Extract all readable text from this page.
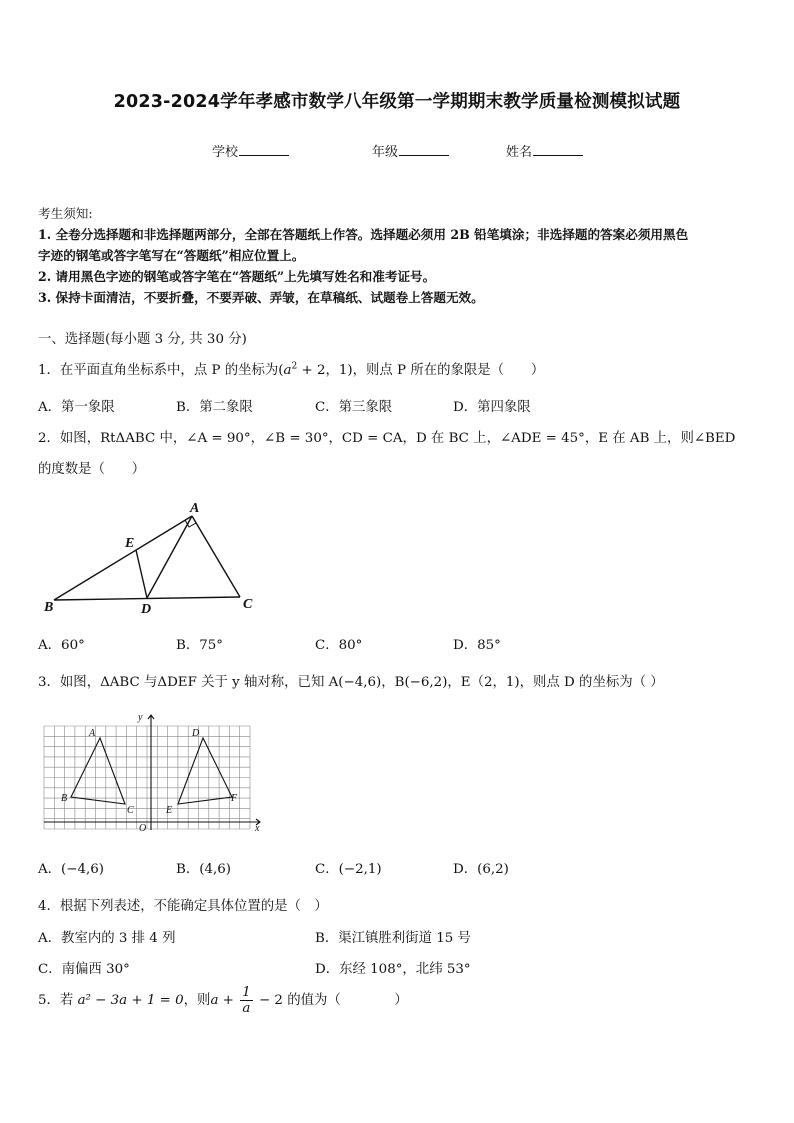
2023-2024学年孝感市数学八年级第一学期期末教学质量检测模拟试题
学校	年级	姓名
考生须知:
1. 全卷分选择题和非选择题两部分，全部在答题纸上作答。选择题必须用 2B 铅笔填涂；非选择题的答案必须用黑色
字迹的钢笔或答字笔写在“答题纸”相应位置上。
2. 请用黑色字迹的钢笔或答字笔在“答题纸”上先填写姓名和准考证号。
3. 保持卡面清洁，不要折叠，不要弄破、弄皱，在草稿纸、试题卷上答题无效。
一、选择题(每小题 3 分, 共 30 分)
1．在平面直角坐标系中，点 P 的坐标为($a^2 + 2$，1)，则点 P 所在的象限是（　　）
A．第一象限	B．第二象限	C．第三象限	D．第四象限
2．如图，RtΔABC 中，∠A = 90°，∠B = 30°，CD = CA，D 在 BC 上，∠ADE = 45°，E 在 AB 上，则∠BED
的度数是（　　）
A
B	C
D
E
A．60°	B．75°	C．80°	D．85°
3．如图，ΔABC 与ΔDEF 关于 y 轴对称，已知 A(−4,6)，B(−6,2)，E（2，1)，则点 D 的坐标为（ ）
A
B
C
D
E
F
O	x
y
A．(−4,6)	B．(4,6)	C．(−2,1)	D．(6,2)
4．根据下列表述，不能确定具体位置的是（　）
A．教室内的 3 排 4 列	B．渠江镇胜利街道 15 号
C．南偏西 30°	D．东经 108°，北纬 53°
5．若 a² − 3a + 1 = 0，则$a + \frac{1}{a} - 2$ 的值为（　　　　）
